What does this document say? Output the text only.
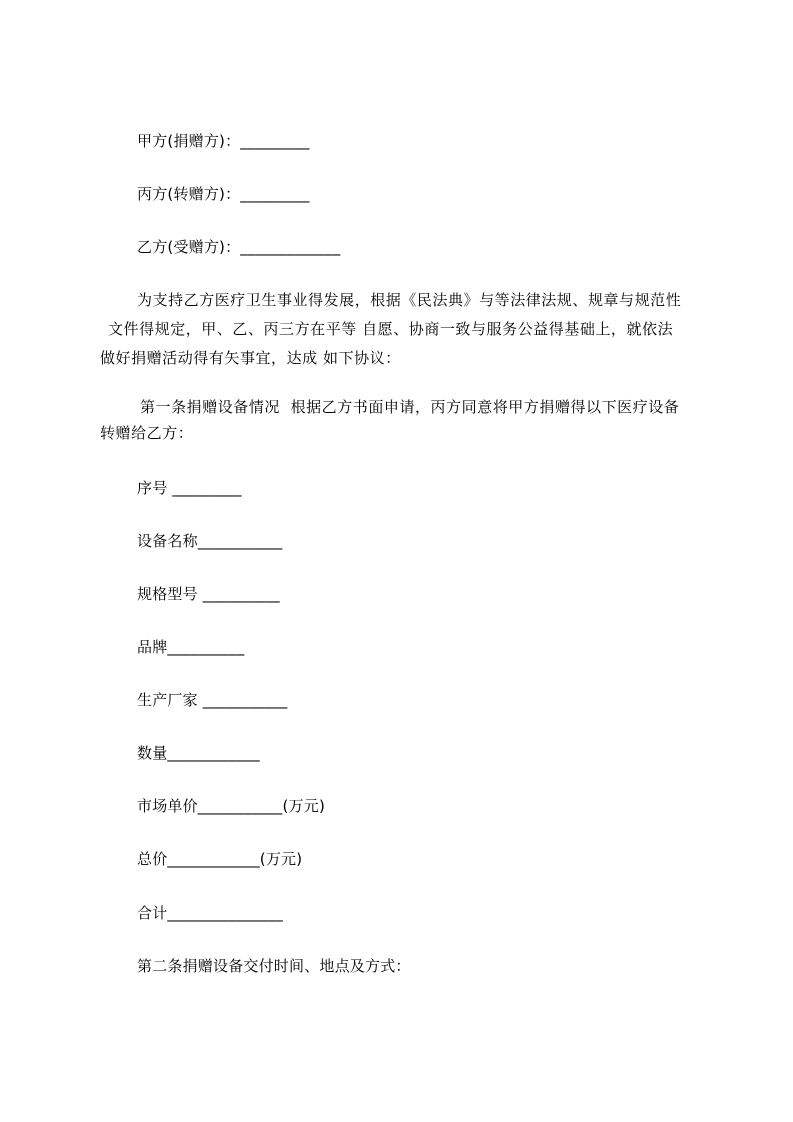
甲方(捐赠方)：_________

丙方(转赠方)：_________

乙方(受赠方)：_____________

为支持乙方医疗卫生事业得发展，根据《民法典》与等法律法规、规章与规范性
文件得规定，甲、乙、丙三方在平等 自愿、协商一致与服务公益得基础上，就依法
做好捐赠活动得有矢事宜，达成 如下协议：
第一条捐赠设备情况  根据乙方书面申请，丙方同意将甲方捐赠得以下医疗设备
转赠给乙方：

序号 _________

设备名称___________

规格型号 __________

品牌__________

生产厂家 ___________

数量____________

市场单价___________(万元)

总价____________(万元)

合计_______________

第二条捐赠设备交付时间、地点及方式：
